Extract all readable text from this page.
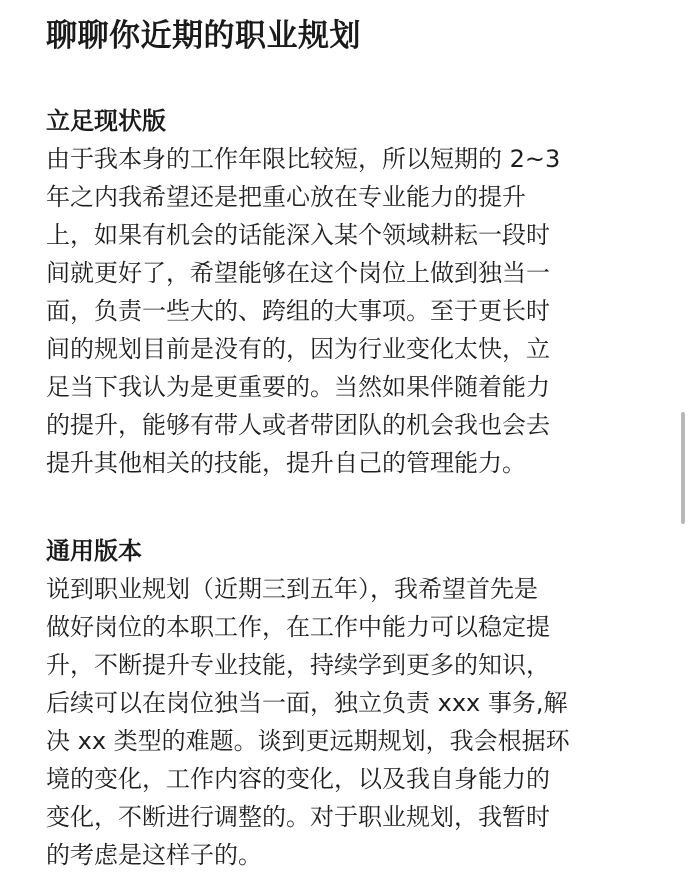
聊聊你近期的职业规划
立足现状版
由于我本身的工作年限比较短，所以短期的 2~3
年之内我希望还是把重心放在专业能力的提升
上，如果有机会的话能深入某个领域耕耘一段时
间就更好了，希望能够在这个岗位上做到独当一
面，负责一些大的、跨组的大事项。至于更长时
间的规划目前是没有的，因为行业变化太快，立
足当下我认为是更重要的。当然如果伴随着能力
的提升，能够有带人或者带团队的机会我也会去
提升其他相关的技能，提升自己的管理能力。
通用版本
说到职业规划（近期三到五年），我希望首先是
做好岗位的本职工作，在工作中能力可以稳定提
升，不断提升专业技能，持续学到更多的知识，
后续可以在岗位独当一面，独立负责 xxx 事务,解
决 xx 类型的难题。谈到更远期规划，我会根据环
境的变化，工作内容的变化，以及我自身能力的
变化，不断进行调整的。对于职业规划，我暂时
的考虑是这样子的。
